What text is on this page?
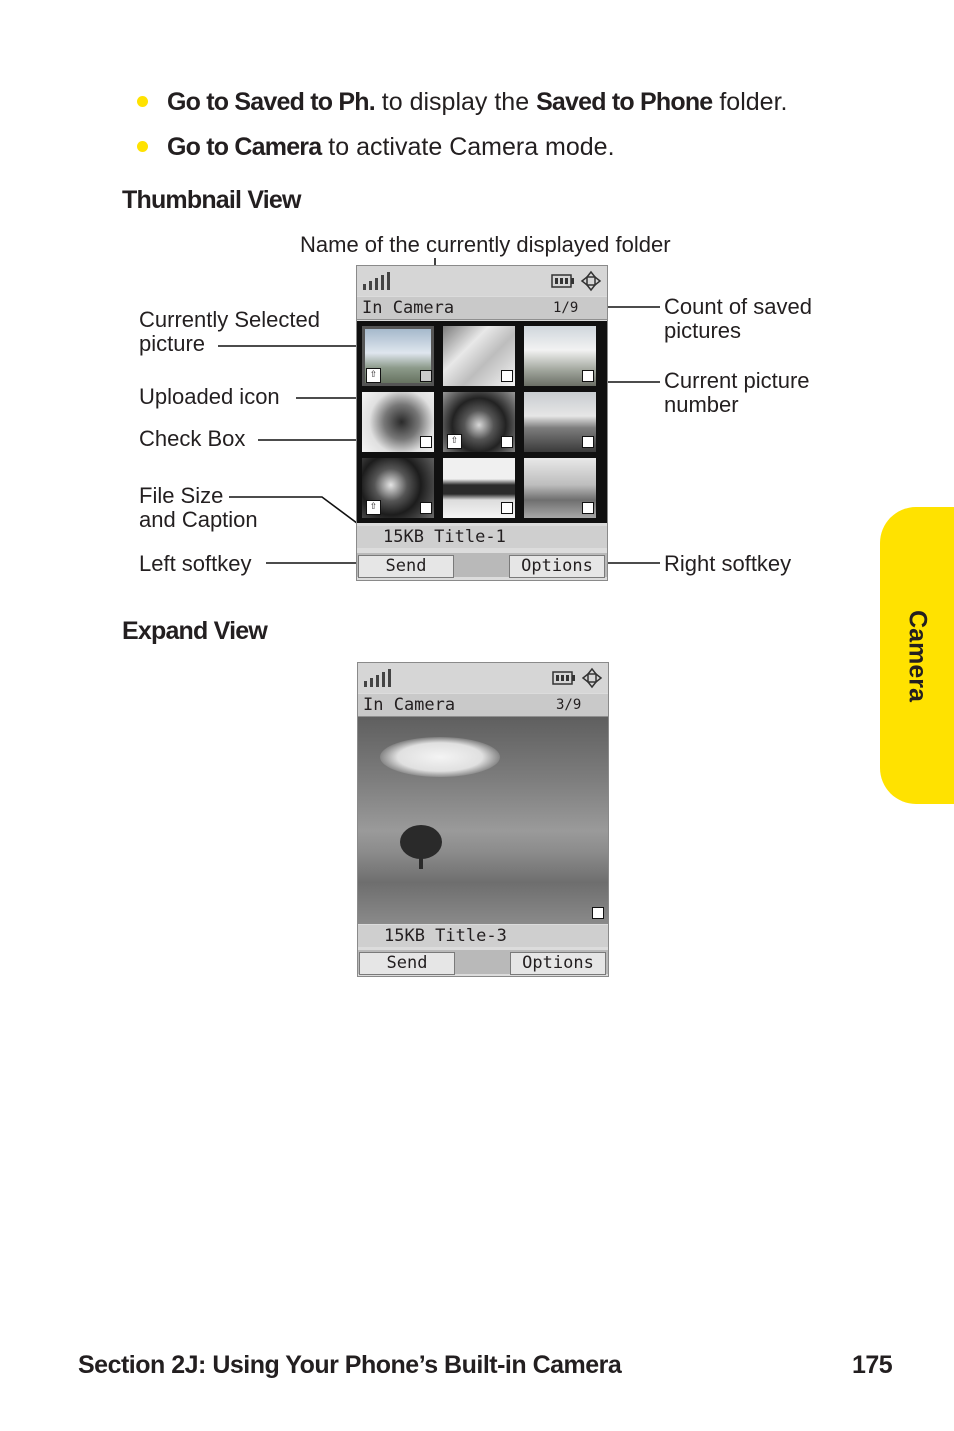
Go to Saved to Ph. to display the Saved to Phone folder.
Go to Camera to activate Camera mode.
Thumbnail View
Name of the currently displayed folder
Currently Selected
picture
Uploaded icon
Check Box
File Size
and Caption
Left softkey
Count of saved
pictures
Current picture
number
Right softkey
In Camera	1/9
⇧
⇧
⇧
15KB Title-1
Send	Options
Expand View
In Camera	3/9
15KB Title-3
Send	Options
Camera
Section 2J: Using Your Phone’s Built-in Camera	175
